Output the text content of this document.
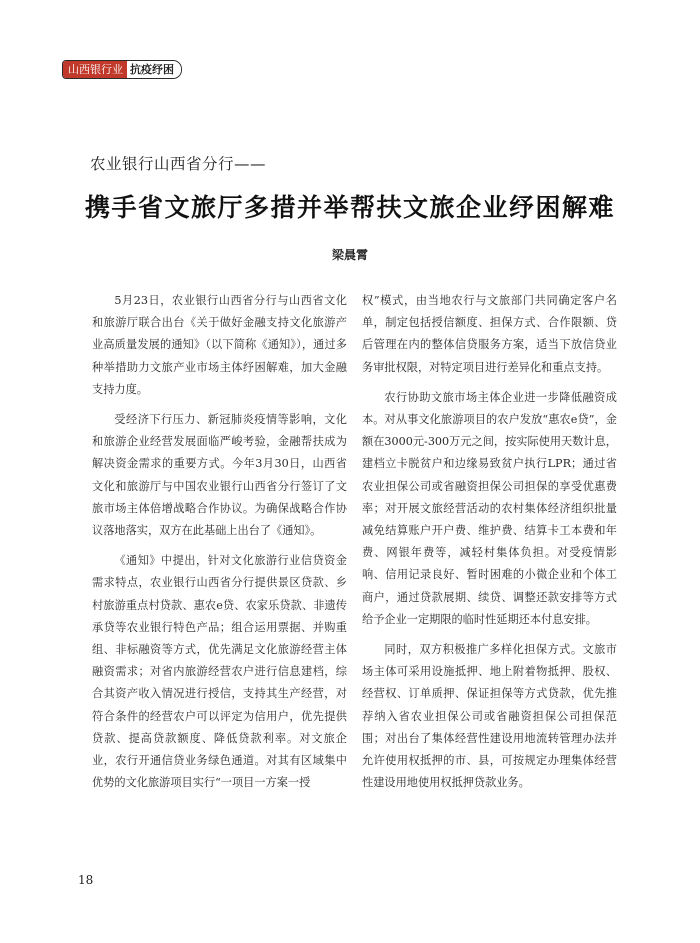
山西银行业 抗疫纾困
农业银行山西省分行——
携手省文旅厅多措并举帮扶文旅企业纾困解难
梁晨霄

5月23日，农业银行山西省分行与山西省文化和旅游厅联合出台《关于做好金融支持文化旅游产业高质量发展的通知》（以下简称《通知》），通过多种举措助力文旅产业市场主体纾困解难，加大金融支持力度。

受经济下行压力、新冠肺炎疫情等影响，文化和旅游企业经营发展面临严峻考验，金融帮扶成为解决资金需求的重要方式。今年3月30日，山西省文化和旅游厅与中国农业银行山西省分行签订了文旅市场主体倍增战略合作协议。为确保战略合作协议落地落实，双方在此基础上出台了《通知》。

《通知》中提出，针对文化旅游行业信贷资金需求特点，农业银行山西省分行提供景区贷款、乡村旅游重点村贷款、惠农e贷、农家乐贷款、非遗传承贷等农业银行特色产品；组合运用票据、并购重组、非标融资等方式，优先满足文化旅游经营主体融资需求；对省内旅游经营农户进行信息建档，综合其资产收入情况进行授信，支持其生产经营，对符合条件的经营农户可以评定为信用户，优先提供贷款、提高贷款额度、降低贷款利率。对文旅企业，农行开通信贷业务绿色通道。对其有区域集中优势的文化旅游项目实行“一项目一方案一授

权”模式，由当地农行与文旅部门共同确定客户名单，制定包括授信额度、担保方式、合作限额、贷后管理在内的整体信贷服务方案，适当下放信贷业务审批权限，对特定项目进行差异化和重点支持。

农行协助文旅市场主体企业进一步降低融资成本。对从事文化旅游项目的农户发放“惠农e贷”，金额在3000元-300万元之间，按实际使用天数计息，建档立卡脱贫户和边缘易致贫户执行LPR；通过省农业担保公司或省融资担保公司担保的享受优惠费率；对开展文旅经营活动的农村集体经济组织批量减免结算账户开户费、维护费、结算卡工本费和年费、网银年费等，减轻村集体负担。对受疫情影响、信用记录良好、暂时困难的小微企业和个体工商户，通过贷款展期、续贷、调整还款安排等方式给予企业一定期限的临时性延期还本付息安排。

同时，双方积极推广多样化担保方式。文旅市场主体可采用设施抵押、地上附着物抵押、股权、经营权、订单质押、保证担保等方式贷款，优先推荐纳入省农业担保公司或省融资担保公司担保范围；对出台了集体经营性建设用地流转管理办法并允许使用权抵押的市、县，可按规定办理集体经营性建设用地使用权抵押贷款业务。

18
